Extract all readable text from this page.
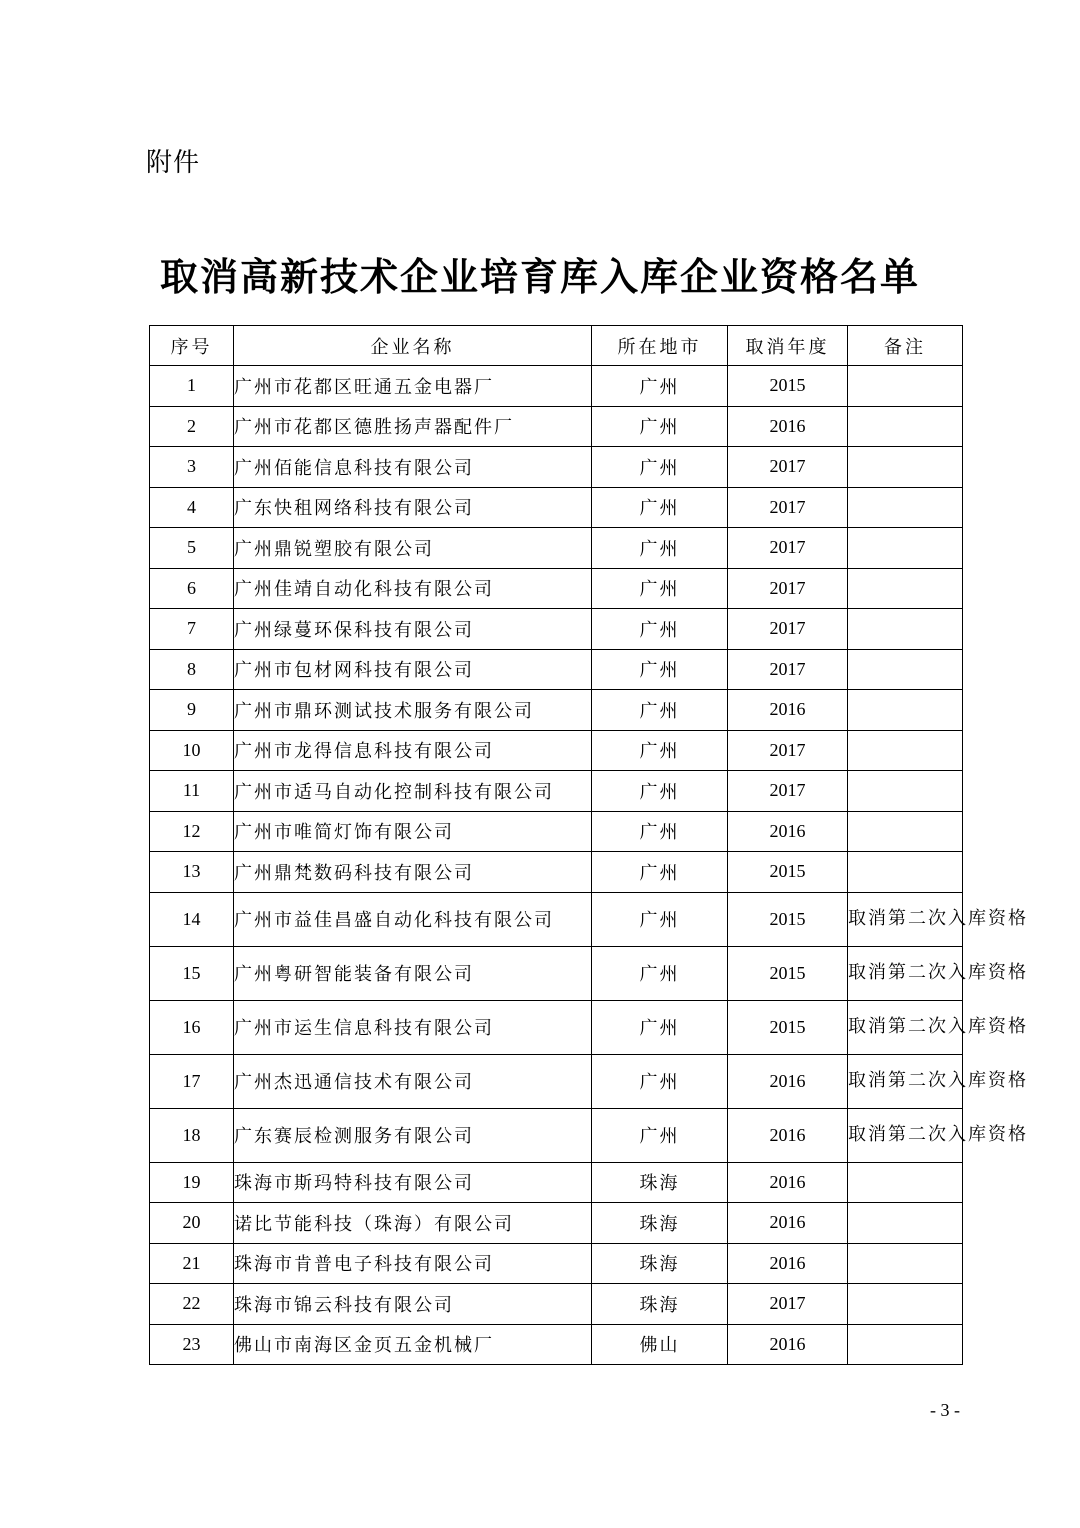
附件
取消高新技术企业培育库入库企业资格名单
序号	企业名称	所在地市	取消年度	备注
1	广州市花都区旺通五金电器厂	广州	2015	
2	广州市花都区德胜扬声器配件厂	广州	2016	
3	广州佰能信息科技有限公司	广州	2017	
4	广东快租网络科技有限公司	广州	2017	
5	广州鼎锐塑胶有限公司	广州	2017	
6	广州佳靖自动化科技有限公司	广州	2017	
7	广州绿蔓环保科技有限公司	广州	2017	
8	广州市包材网科技有限公司	广州	2017	
9	广州市鼎环测试技术服务有限公司	广州	2016	
10	广州市龙得信息科技有限公司	广州	2017	
11	广州市适马自动化控制科技有限公司	广州	2017	
12	广州市唯简灯饰有限公司	广州	2016	
13	广州鼎梵数码科技有限公司	广州	2015	
14	广州市益佳昌盛自动化科技有限公司	广州	2015	取消第二次入库资格
15	广州粤研智能装备有限公司	广州	2015	取消第二次入库资格
16	广州市运生信息科技有限公司	广州	2015	取消第二次入库资格
17	广州杰迅通信技术有限公司	广州	2016	取消第二次入库资格
18	广东赛辰检测服务有限公司	广州	2016	取消第二次入库资格
19	珠海市斯玛特科技有限公司	珠海	2016	
20	诺比节能科技（珠海）有限公司	珠海	2016	
21	珠海市肯普电子科技有限公司	珠海	2016	
22	珠海市锦云科技有限公司	珠海	2017	
23	佛山市南海区金页五金机械厂	佛山	2016	
- 3 -
